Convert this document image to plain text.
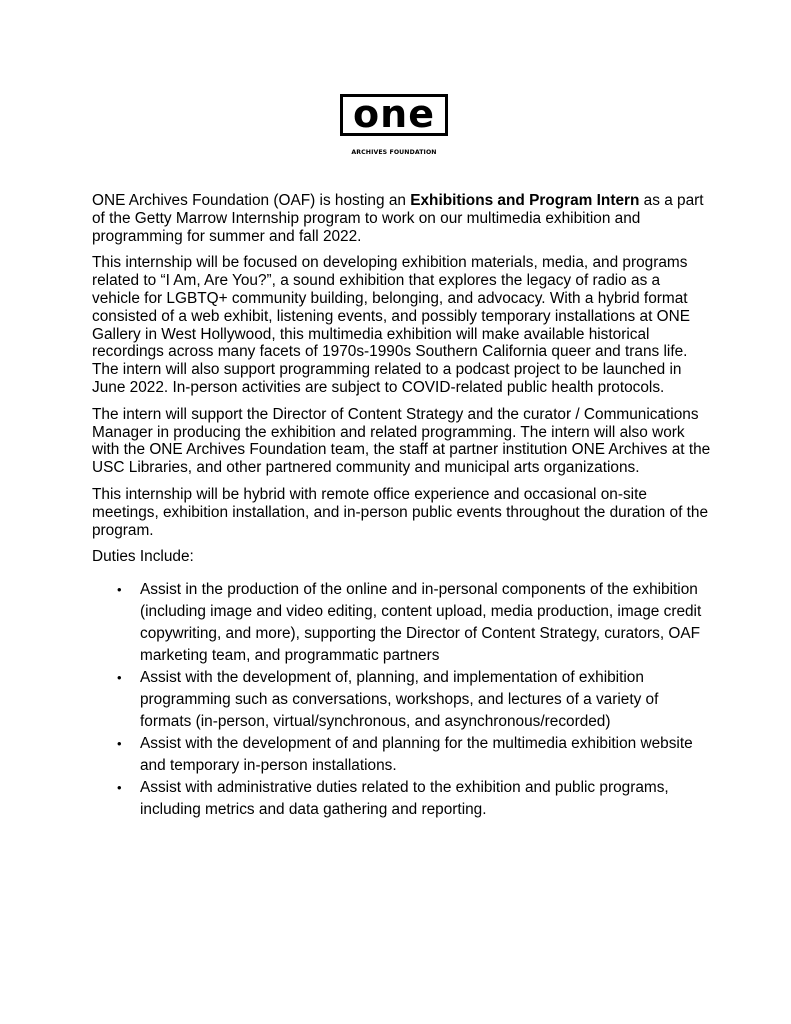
one
ARCHIVES FOUNDATION

ONE Archives Foundation (OAF) is hosting an Exhibitions and Program Intern as a part of the Getty Marrow Internship program to work on our multimedia exhibition and programming for summer and fall 2022.

This internship will be focused on developing exhibition materials, media, and programs related to “I Am, Are You?”, a sound exhibition that explores the legacy of radio as a vehicle for LGBTQ+ community building, belonging, and advocacy. With a hybrid format consisted of a web exhibit, listening events, and possibly temporary installations at ONE Gallery in West Hollywood, this multimedia exhibition will make available historical recordings across many facets of 1970s-1990s Southern California queer and trans life. The intern will also support programming related to a podcast project to be launched in June 2022. In-person activities are subject to COVID-related public health protocols.

The intern will support the Director of Content Strategy and the curator / Communications Manager in producing the exhibition and related programming. The intern will also work with the ONE Archives Foundation team, the staff at partner institution ONE Archives at the USC Libraries, and other partnered community and municipal arts organizations.

This internship will be hybrid with remote office experience and occasional on-site meetings, exhibition installation, and in-person public events throughout the duration of the program.

Duties Include:

• Assist in the production of the online and in-personal components of the exhibition (including image and video editing, content upload, media production, image credit copywriting, and more), supporting the Director of Content Strategy, curators, OAF marketing team, and programmatic partners
• Assist with the development of, planning, and implementation of exhibition programming such as conversations, workshops, and lectures of a variety of formats (in-person, virtual/synchronous, and asynchronous/recorded)
• Assist with the development of and planning for the multimedia exhibition website and temporary in-person installations.
• Assist with administrative duties related to the exhibition and public programs, including metrics and data gathering and reporting.
